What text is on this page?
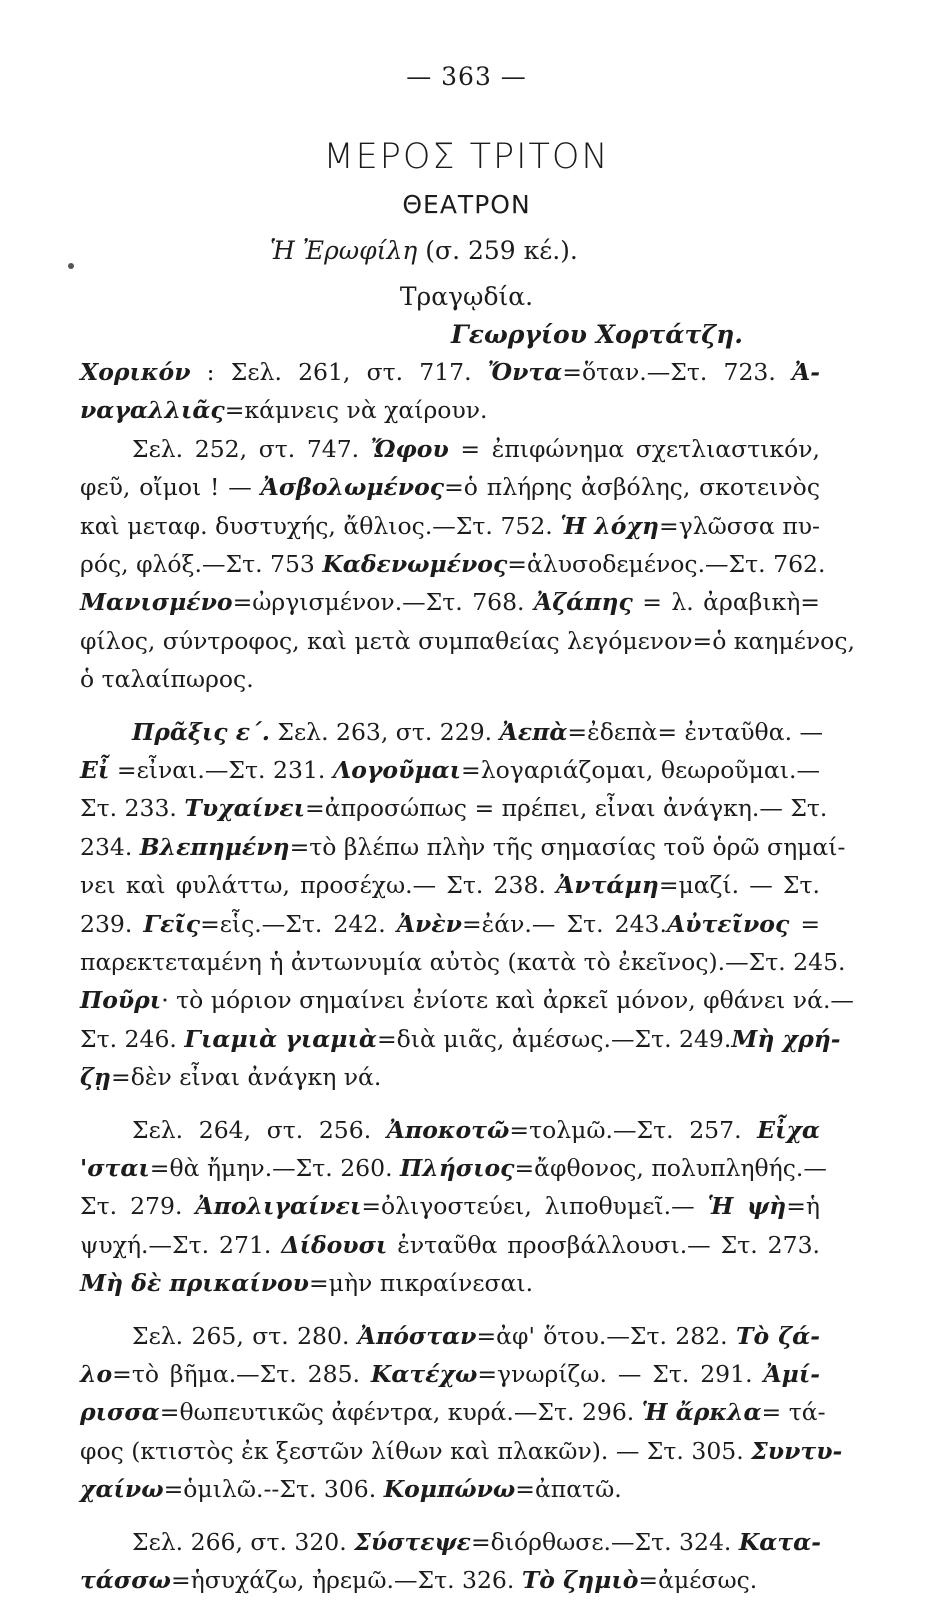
— 363 —
ΜΕΡΟΣ ΤΡΙΤΟΝ
ΘΕΑΤΡΟΝ
Ἡ Ἐρωφίλη (σ. 259 κέ.).
Τραγῳδία.
Γεωργίου Χορτάτζη.
Χορικόν : Σελ. 261, στ. 717. Ὄντα=ὅταν.—Στ. 723. Ἀ-
ναγαλλιᾶς=κάμνεις νὰ χαίρουν.
Σελ. 252, στ. 747. Ὤφου = ἐπιφώνημα σχετλιαστικόν,
φεῦ, οἴμοι ! — Ἀσβολωμένος=ὁ πλήρης ἀσβόλης, σκοτεινὸς
καὶ μεταφ. δυστυχής, ἄθλιος.—Στ. 752. Ἡ λόχη=γλῶσσα πυ-
ρός, φλόξ.—Στ. 753 Καδενωμένος=ἁλυσοδεμένος.—Στ. 762.
Μανισμένο=ὠργισμένον.—Στ. 768. Ἀζάπης = λ. ἀραβικὴ=
φίλος, σύντροφος, καὶ μετὰ συμπαθείας λεγόμενον=ὁ καημένος,
ὁ ταλαίπωρος.
Πρᾶξις ε΄. Σελ. 263, στ. 229. Ἀεπὰ=ἐδεπὰ= ἐνταῦθα. —
Εἶ =εἶναι.—Στ. 231. Λογοῦμαι=λογαριάζομαι, θεωροῦμαι.—
Στ. 233. Τυχαίνει=ἀπροσώπως = πρέπει, εἶναι ἀνάγκη.— Στ.
234. Βλεπημένη=τὸ βλέπω πλὴν τῆς σημασίας τοῦ ὁρῶ σημαί-
νει καὶ φυλάττω, προσέχω.— Στ. 238. Ἀντάμη=μαζί. — Στ.
239. Γεῖς=εἷς.—Στ. 242. Ἀνὲν=ἐάν.— Στ. 243.Αὐτεῖνος =
παρεκτεταμένη ἡ ἀντωνυμία αὐτὸς (κατὰ τὸ ἐκεῖνος).—Στ. 245.
Ποῦρι· τὸ μόριον σημαίνει ἐνίοτε καὶ ἀρκεῖ μόνον, φθάνει νά.—
Στ. 246. Γιαμιὰ γιαμιὰ=διὰ μιᾶς, ἀμέσως.—Στ. 249.Μὴ χρή-
ζῃ=δὲν εἶναι ἀνάγκη νά.
Σελ. 264, στ. 256. Ἀποκοτῶ=τολμῶ.—Στ. 257. Εἶχα
'σται=θὰ ἤμην.—Στ. 260. Πλήσιος=ἄφθονος, πολυπληθής.—
Στ. 279. Ἀπολιγαίνει=ὀλιγοστεύει, λιποθυμεῖ.— Ἡ ψὴ=ἡ
ψυχή.—Στ. 271. Δίδουσι ἐνταῦθα προσβάλλουσι.— Στ. 273.
Μὴ δὲ πρικαίνου=μὴν πικραίνεσαι.
Σελ. 265, στ. 280. Ἀπόσταν=ἀφ' ὅτου.—Στ. 282. Τὸ ζά-
λο=τὸ βῆμα.—Στ. 285. Κατέχω=γνωρίζω. — Στ. 291. Ἀμί-
ρισσα=θωπευτικῶς ἀφέντρα, κυρά.—Στ. 296. Ἡ ἄρκλα= τά-
φος (κτιστὸς ἐκ ξεστῶν λίθων καὶ πλακῶν). — Στ. 305. Συντυ-
χαίνω=ὁμιλῶ.--Στ. 306. Κομπώνω=ἀπατῶ.
Σελ. 266, στ. 320. Σύστεψε=διόρθωσε.—Στ. 324. Κατα-
τάσσω=ἡσυχάζω, ἠρεμῶ.—Στ. 326. Τὸ ζημιὸ=ἀμέσως.
